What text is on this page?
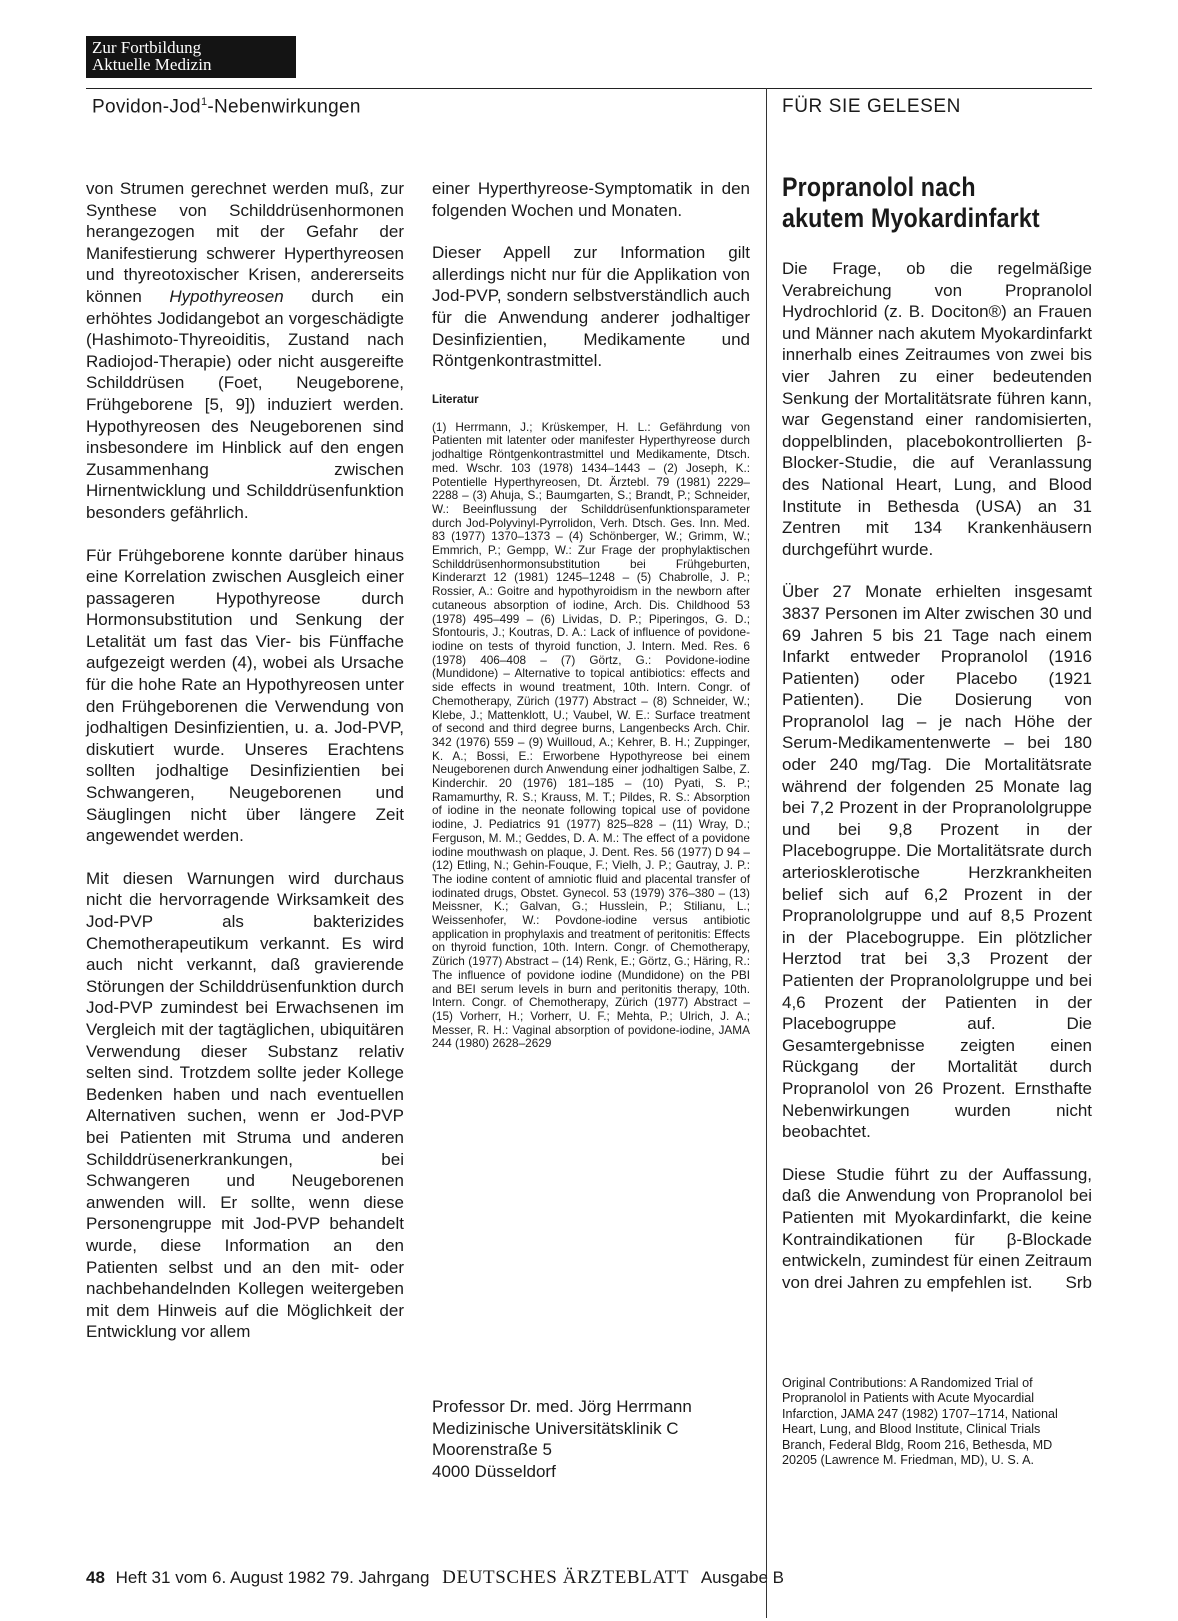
Zur Fortbildung
Aktuelle Medizin
Povidon-Jod$^1$-Nebenwirkungen	FÜR SIE GELESEN

von Strumen gerechnet werden muß, zur Synthese von Schilddrüsenhormonen herangezogen mit der Gefahr der Manifestierung schwerer Hyperthyreosen und thyreotoxischer Krisen, andererseits können Hypothyreosen durch ein erhöhtes Jodidangebot an vorgeschädigte (Hashimoto-Thyreoiditis, Zustand nach Radiojod-Therapie) oder nicht ausgereifte Schilddrüsen (Foet, Neugeborene, Frühgeborene [5, 9]) induziert werden. Hypothyreosen des Neugeborenen sind insbesondere im Hinblick auf den engen Zusammenhang zwischen Hirnentwicklung und Schilddrüsenfunktion besonders gefährlich.

Für Frühgeborene konnte darüber hinaus eine Korrelation zwischen Ausgleich einer passageren Hypothyreose durch Hormonsubstitution und Senkung der Letalität um fast das Vier- bis Fünffache aufgezeigt werden (4), wobei als Ursache für die hohe Rate an Hypothyreosen unter den Frühgeborenen die Verwendung von jodhaltigen Desinfizientien, u. a. Jod-PVP, diskutiert wurde. Unseres Erachtens sollten jodhaltige Desinfizientien bei Schwangeren, Neugeborenen und Säuglingen nicht über längere Zeit angewendet werden.

Mit diesen Warnungen wird durchaus nicht die hervorragende Wirksamkeit des Jod-PVP als bakterizides Chemotherapeutikum verkannt. Es wird auch nicht verkannt, daß gravierende Störungen der Schilddrüsenfunktion durch Jod-PVP zumindest bei Erwachsenen im Vergleich mit der tagtäglichen, ubiquitären Verwendung dieser Substanz relativ selten sind. Trotzdem sollte jeder Kollege Bedenken haben und nach eventuellen Alternativen suchen, wenn er Jod-PVP bei Patienten mit Struma und anderen Schilddrüsenerkrankungen, bei Schwangeren und Neugeborenen anwenden will. Er sollte, wenn diese Personengruppe mit Jod-PVP behandelt wurde, diese Information an den Patienten selbst und an den mit- oder nachbehandelnden Kollegen weitergeben mit dem Hinweis auf die Möglichkeit der Entwicklung vor allem

einer Hyperthyreose-Symptomatik in den folgenden Wochen und Monaten.

Dieser Appell zur Information gilt allerdings nicht nur für die Applikation von Jod-PVP, sondern selbstverständlich auch für die Anwendung anderer jodhaltiger Desinfizientien, Medikamente und Röntgenkontrastmittel.

Literatur
(1) Herrmann, J.; Krüskemper, H. L.: Gefährdung von Patienten mit latenter oder manifester Hyperthyreose durch jodhaltige Röntgenkontrastmittel und Medikamente, Dtsch. med. Wschr. 103 (1978) 1434–1443 – (2) Joseph, K.: Potentielle Hyperthyreosen, Dt. Ärztebl. 79 (1981) 2229–2288 – (3) Ahuja, S.; Baumgarten, S.; Brandt, P.; Schneider, W.: Beeinflussung der Schilddrüsenfunktionsparameter durch Jod-Polyvinyl-Pyrrolidon, Verh. Dtsch. Ges. Inn. Med. 83 (1977) 1370–1373 – (4) Schönberger, W.; Grimm, W.; Emmrich, P.; Gempp, W.: Zur Frage der prophylaktischen Schilddrüsenhormonsubstitution bei Frühgeburten, Kinderarzt 12 (1981) 1245–1248 – (5) Chabrolle, J. P.; Rossier, A.: Goitre and hypothyroidism in the newborn after cutaneous absorption of iodine, Arch. Dis. Childhood 53 (1978) 495–499 – (6) Lividas, D. P.; Piperingos, G. D.; Sfontouris, J.; Koutras, D. A.: Lack of influence of povidone-iodine on tests of thyroid function, J. Intern. Med. Res. 6 (1978) 406–408 – (7) Görtz, G.: Povidone-iodine (Mundidone) – Alternative to topical antibiotics: effects and side effects in wound treatment, 10th. Intern. Congr. of Chemotherapy, Zürich (1977) Abstract – (8) Schneider, W.; Klebe, J.; Mattenklott, U.; Vaubel, W. E.: Surface treatment of second and third degree burns, Langenbecks Arch. Chir. 342 (1976) 559 – (9) Wuilloud, A.; Kehrer, B. H.; Zuppinger, K. A.; Bossi, E.: Erworbene Hypothyreose bei einem Neugeborenen durch Anwendung einer jodhaltigen Salbe, Z. Kinderchir. 20 (1976) 181–185 – (10) Pyati, S. P.; Ramamurthy, R. S.; Krauss, M. T.; Pildes, R. S.: Absorption of iodine in the neonate following topical use of povidone iodine, J. Pediatrics 91 (1977) 825–828 – (11) Wray, D.; Ferguson, M. M.; Geddes, D. A. M.: The effect of a povidone iodine mouthwash on plaque, J. Dent. Res. 56 (1977) D 94 – (12) Etling, N.; Gehin-Fouque, F.; Vielh, J. P.; Gautray, J. P.: The iodine content of amniotic fluid and placental transfer of iodinated drugs, Obstet. Gynecol. 53 (1979) 376–380 – (13) Meissner, K.; Galvan, G.; Husslein, P.; Stilianu, L.; Weissenhofer, W.: Povdone-iodine versus antibiotic application in prophylaxis and treatment of peritonitis: Effects on thyroid function, 10th. Intern. Congr. of Chemotherapy, Zürich (1977) Abstract – (14) Renk, E.; Görtz, G.; Häring, R.: The influence of povidone iodine (Mundidone) on the PBI and BEI serum levels in burn and peritonitis therapy, 10th. Intern. Congr. of Chemotherapy, Zürich (1977) Abstract – (15) Vorherr, H.; Vorherr, U. F.; Mehta, P.; Ulrich, J. A.; Messer, R. H.: Vaginal absorption of povidone-iodine, JAMA 244 (1980) 2628–2629
Professor Dr. med. Jörg Herrmann
Medizinische Universitätsklinik C
Moorenstraße 5
4000 Düsseldorf
Propranolol nach
akutem Myokardinfarkt

Die Frage, ob die regelmäßige Verabreichung von Propranolol Hydrochlorid (z. B. Dociton®) an Frauen und Männer nach akutem Myokardinfarkt innerhalb eines Zeitraumes von zwei bis vier Jahren zu einer bedeutenden Senkung der Mortalitätsrate führen kann, war Gegenstand einer randomisierten, doppelblinden, placebokontrollierten β-Blocker-Studie, die auf Veranlassung des National Heart, Lung, and Blood Institute in Bethesda (USA) an 31 Zentren mit 134 Krankenhäusern durchgeführt wurde.

Über 27 Monate erhielten insgesamt 3837 Personen im Alter zwischen 30 und 69 Jahren 5 bis 21 Tage nach einem Infarkt entweder Propranolol (1916 Patienten) oder Placebo (1921 Patienten). Die Dosierung von Propranolol lag – je nach Höhe der Serum-Medikamentenwerte – bei 180 oder 240 mg/Tag. Die Mortalitätsrate während der folgenden 25 Monate lag bei 7,2 Prozent in der Propranololgruppe und bei 9,8 Prozent in der Placebogruppe. Die Mortalitätsrate durch arteriosklerotische Herzkrankheiten belief sich auf 6,2 Prozent in der Propranololgruppe und auf 8,5 Prozent in der Placebogruppe. Ein plötzlicher Herztod trat bei 3,3 Prozent der Patienten der Propranololgruppe und bei 4,6 Prozent der Patienten in der Placebogruppe auf. Die Gesamtergebnisse zeigten einen Rückgang der Mortalität durch Propranolol von 26 Prozent. Ernsthafte Nebenwirkungen wurden nicht beobachtet.

Diese Studie führt zu der Auffassung, daß die Anwendung von Propranolol bei Patienten mit Myokardinfarkt, die keine Kontraindikationen für β-Blockade entwickeln, zumindest für einen Zeitraum von drei Jahren zu empfehlen ist. Srb

Original Contributions: A Randomized Trial of Propranolol in Patients with Acute Myocardial Infarction, JAMA 247 (1982) 1707–1714, National Heart, Lung, and Blood Institute, Clinical Trials Branch, Federal Bldg, Room 216, Bethesda, MD 20205 (Lawrence M. Friedman, MD), U. S. A.
48 Heft 31 vom 6. August 1982 79. Jahrgang DEUTSCHES ÄRZTEBLATT Ausgabe B
